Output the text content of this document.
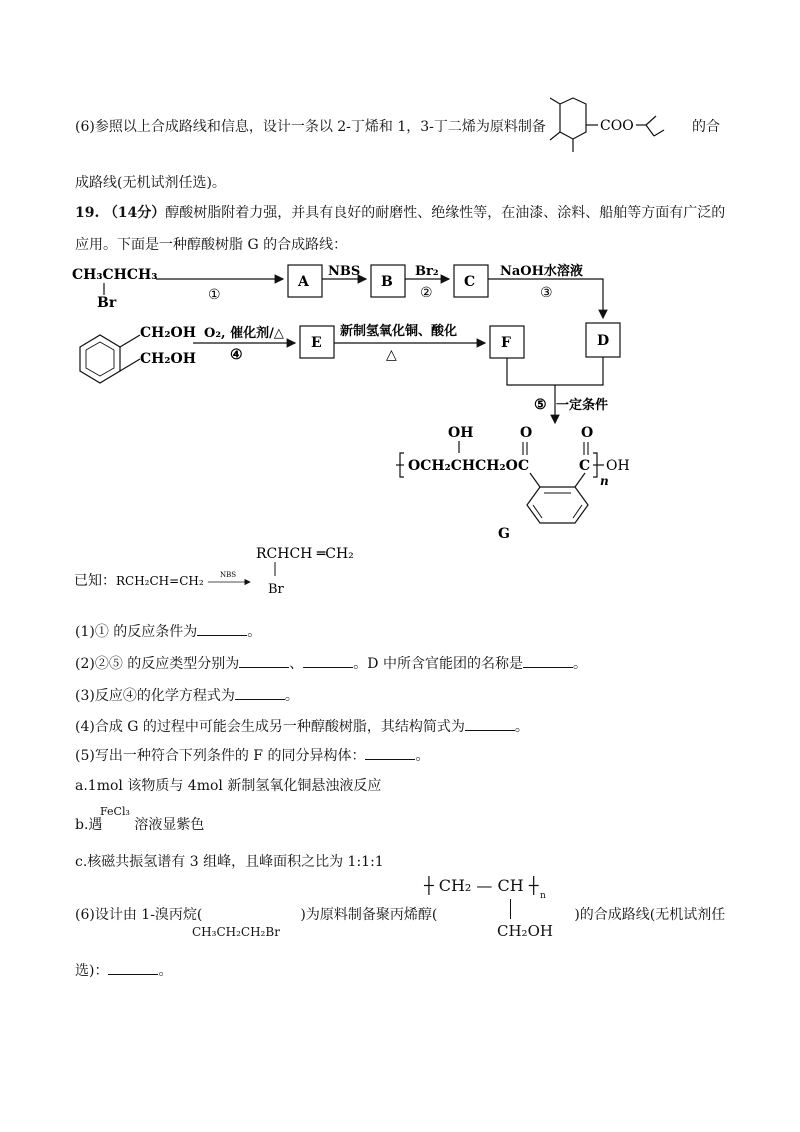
(6)参照以上合成路线和信息，设计一条以 2-丁烯和 1，3-丁二烯为原料制备	COO	的合
成路线(无机试剂任选)。
19. （14分）醇酸树脂附着力强，并具有良好的耐磨性、绝缘性等，在油漆、涂料、船舶等方面有广泛的
应用。下面是一种醇酸树脂 G 的合成路线：
CH₃CHCH₃
Br	①
A
NBS
B
Br₂
②
C
NaOH水溶液
③
CH₂OH
CH₂OH
O₂, 催化剂/△
④
E
新制氢氧化铜、酸化
△
F	D
⑤ 一定条件
OH	O	O
OCH₂CHCH₂O C	C
n
OH
G
RCHCH ═CH₂
Br
已知： RCH₂CH=CH₂ NBS
(1)① 的反应条件为	。
(2)②⑤ 的反应类型分别为	、	。D 中所含官能团的名称是	。
(3)反应④的化学方程式为	。
(4)合成 G 的过程中可能会生成另一种醇酸树脂，其结构简式为	。
(5)写出一种符合下列条件的 F 的同分异构体：	。
a.1mol 该物质与 4mol 新制氢氧化铜悬浊液反应
FeCl₃
b.遇 溶液显紫色
c.核磁共振氢谱有 3 组峰，且峰面积之比为 1:1:1
┼ CH₂ — CH ┼
n
CH₂OH
(6)设计由 1-溴丙烷(	)为原料制备聚丙烯醇(	)的合成路线(无机试剂任
CH₃CH₂CH₂Br
选)：	。
